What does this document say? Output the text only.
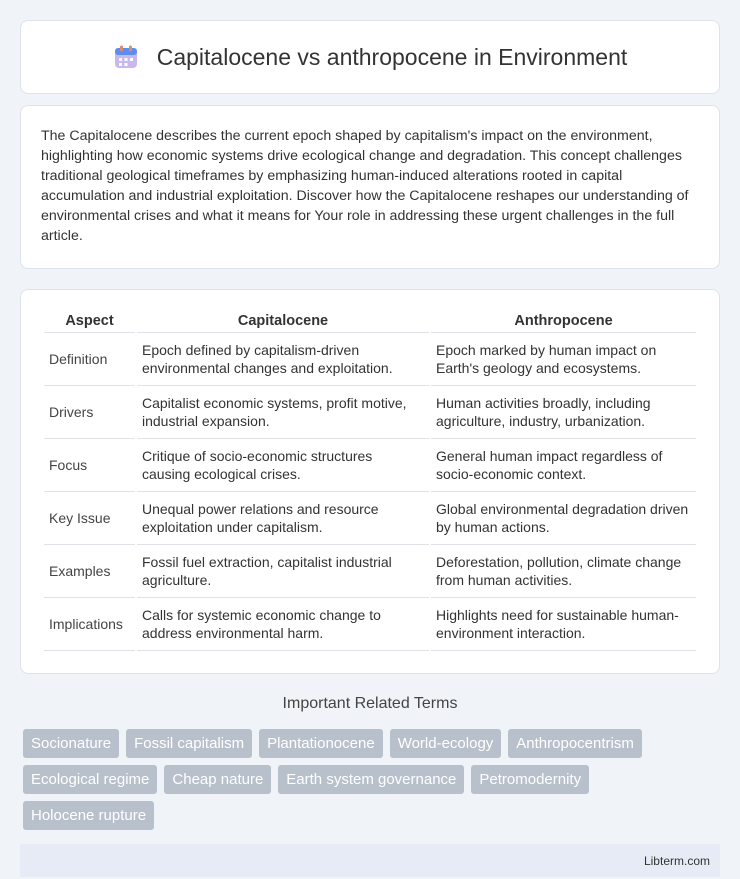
Capitalocene vs anthropocene in Environment
The Capitalocene describes the current epoch shaped by capitalism's impact on the environment, highlighting how economic systems drive ecological change and degradation. This concept challenges traditional geological timeframes by emphasizing human-induced alterations rooted in capital accumulation and industrial exploitation. Discover how the Capitalocene reshapes our understanding of environmental crises and what it means for Your role in addressing these urgent challenges in the full article.
Aspect	Capitalocene	Anthropocene
Definition	Epoch defined by capitalism-driven environmental changes and exploitation.	Epoch marked by human impact on Earth's geology and ecosystems.
Drivers	Capitalist economic systems, profit motive, industrial expansion.	Human activities broadly, including agriculture, industry, urbanization.
Focus	Critique of socio-economic structures causing ecological crises.	General human impact regardless of socio-economic context.
Key Issue	Unequal power relations and resource exploitation under capitalism.	Global environmental degradation driven by human actions.
Examples	Fossil fuel extraction, capitalist industrial agriculture.	Deforestation, pollution, climate change from human activities.
Implications	Calls for systemic economic change to address environmental harm.	Highlights need for sustainable human-environment interaction.
Important Related Terms
Socionature	Fossil capitalism	Plantationocene	World-ecology	Anthropocentrism
Ecological regime	Cheap nature	Earth system governance	Petromodernity
Holocene rupture
Libterm.com
